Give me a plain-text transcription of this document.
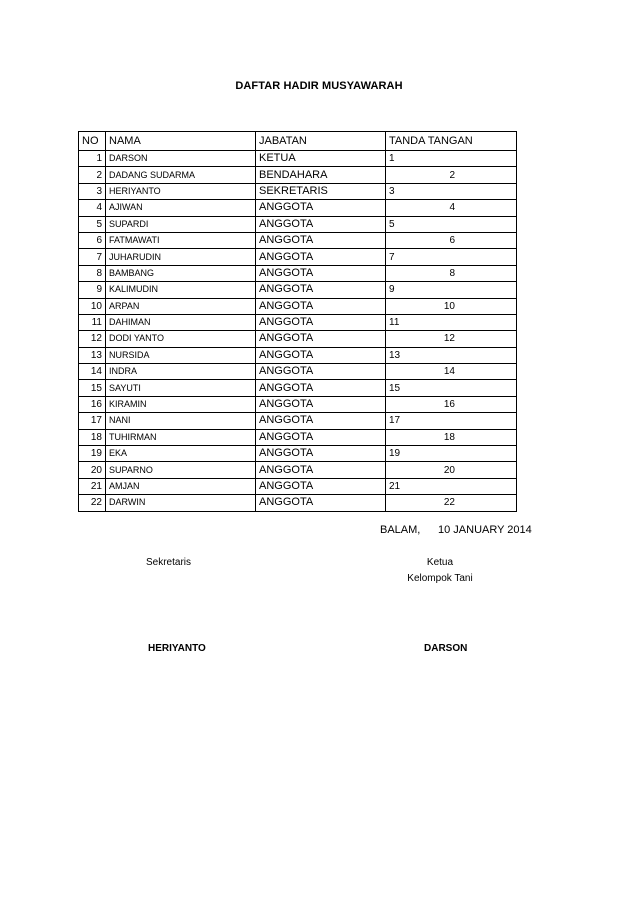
DAFTAR HADIR MUSYAWARAH
NO	NAMA	JABATAN	TANDA TANGAN
1	DARSON	KETUA	1
2	DADANG SUDARMA	BENDAHARA	2
3	HERIYANTO	SEKRETARIS	3
4	AJIWAN	ANGGOTA	4
5	SUPARDI	ANGGOTA	5
6	FATMAWATI	ANGGOTA	6
7	JUHARUDIN	ANGGOTA	7
8	BAMBANG	ANGGOTA	8
9	KALIMUDIN	ANGGOTA	9
10	ARPAN	ANGGOTA	10
11	DAHIMAN	ANGGOTA	11
12	DODI YANTO	ANGGOTA	12
13	NURSIDA	ANGGOTA	13
14	INDRA	ANGGOTA	14
15	SAYUTI	ANGGOTA	15
16	KIRAMIN	ANGGOTA	16
17	NANI	ANGGOTA	17
18	TUHIRMAN	ANGGOTA	18
19	EKA	ANGGOTA	19
20	SUPARNO	ANGGOTA	20
21	AMJAN	ANGGOTA	21
22	DARWIN	ANGGOTA	22
BALAM, 10 JANUARY 2014
Sekretaris	Ketua
Kelompok Tani
HERIYANTO	DARSON
